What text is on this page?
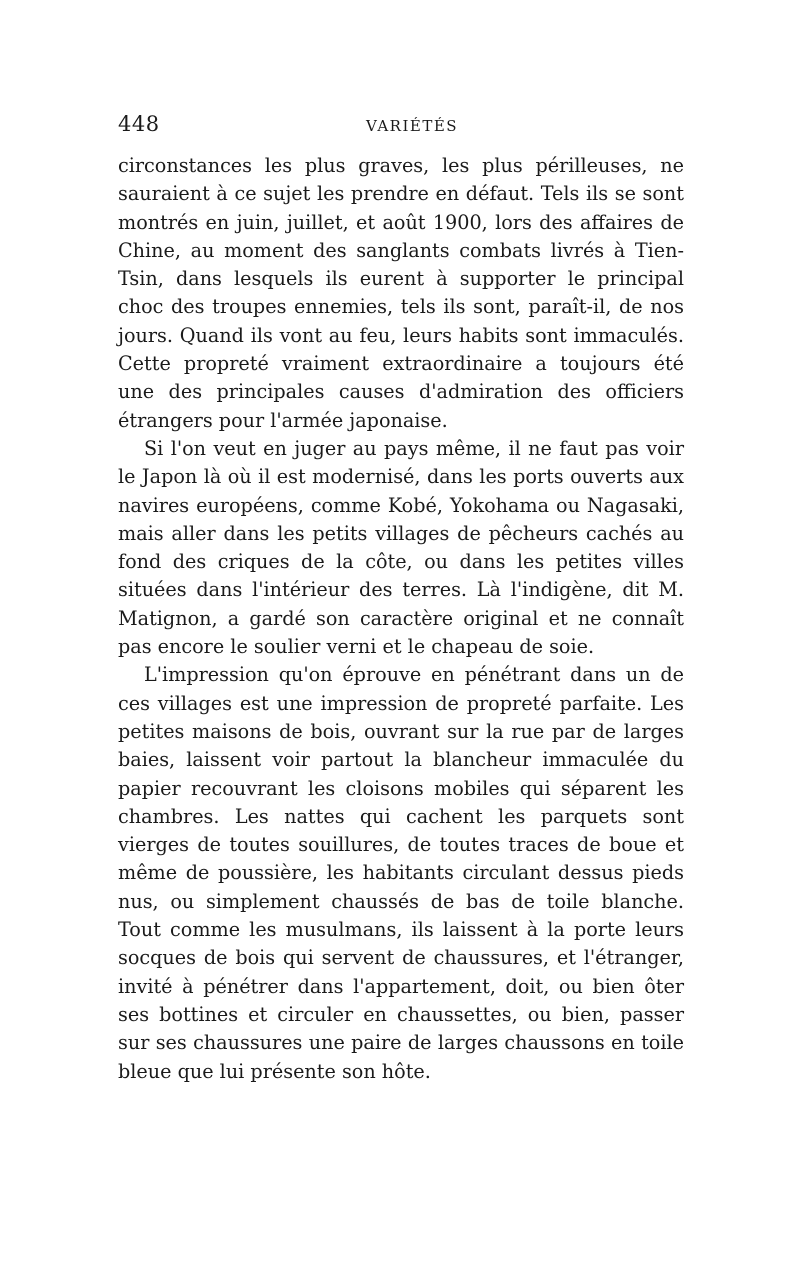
448	VARIÉTÉS

circonstances les plus graves, les plus périlleuses, ne sauraient à ce sujet les prendre en défaut. Tels ils se sont montrés en juin, juillet, et août 1900, lors des affaires de Chine, au moment des sanglants combats livrés à Tien-Tsin, dans lesquels ils eurent à supporter le principal choc des troupes ennemies, tels ils sont, paraît-il, de nos jours. Quand ils vont au feu, leurs habits sont immaculés. Cette propreté vraiment extraordinaire a toujours été une des principales causes d'admiration des officiers étrangers pour l'armée japonaise.

Si l'on veut en juger au pays même, il ne faut pas voir le Japon là où il est modernisé, dans les ports ouverts aux navires européens, comme Kobé, Yokohama ou Nagasaki, mais aller dans les petits villages de pêcheurs cachés au fond des criques de la côte, ou dans les petites villes situées dans l'intérieur des terres. Là l'indigène, dit M. Matignon, a gardé son caractère original et ne connaît pas encore le soulier verni et le chapeau de soie.

L'impression qu'on éprouve en pénétrant dans un de ces villages est une impression de propreté parfaite. Les petites maisons de bois, ouvrant sur la rue par de larges baies, laissent voir partout la blancheur immaculée du papier recouvrant les cloisons mobiles qui séparent les chambres. Les nattes qui cachent les parquets sont vierges de toutes souillures, de toutes traces de boue et même de poussière, les habitants circulant dessus pieds nus, ou simplement chaussés de bas de toile blanche. Tout comme les musulmans, ils laissent à la porte leurs socques de bois qui servent de chaussures, et l'étranger, invité à pénétrer dans l'appartement, doit, ou bien ôter ses bottines et circuler en chaussettes, ou bien, passer sur ses chaussures une paire de larges chaussons en toile bleue que lui présente son hôte.
